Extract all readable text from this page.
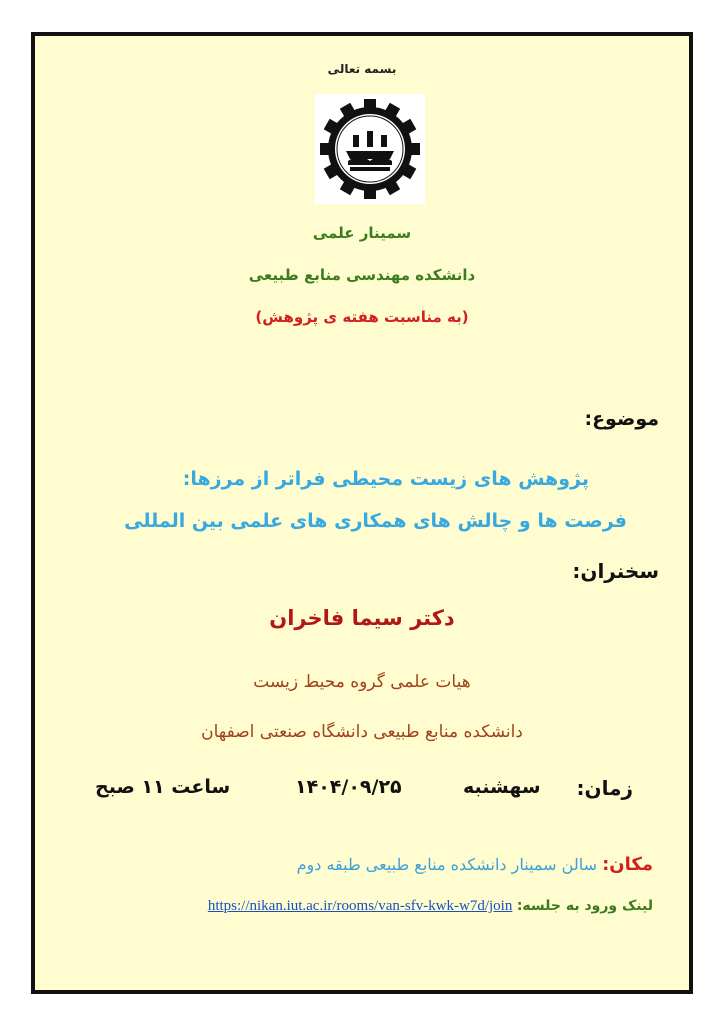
بسمه تعالی
سمینار علمی
دانشکده مهندسی منابع طبیعی
(به مناسبت هفته ی پژوهش)
موضوع:
پژوهش های زیست محیطی فراتر از مرزها:
فرصت ها و چالش های همکاری های علمی بین المللی
سخنران:
دکتر سیما فاخران
هیات علمی گروه محیط زیست
دانشکده منابع طبیعی دانشگاه صنعتی اصفهان
زمان:
سهشنبه
۱۴۰۴/۰۹/۲۵
ساعت ۱۱ صبح
مکان: سالن سمینار دانشکده منابع طبیعی طبقه دوم
لینک ورود به جلسه: https://nikan.iut.ac.ir/rooms/van-sfv-kwk-w7d/join
